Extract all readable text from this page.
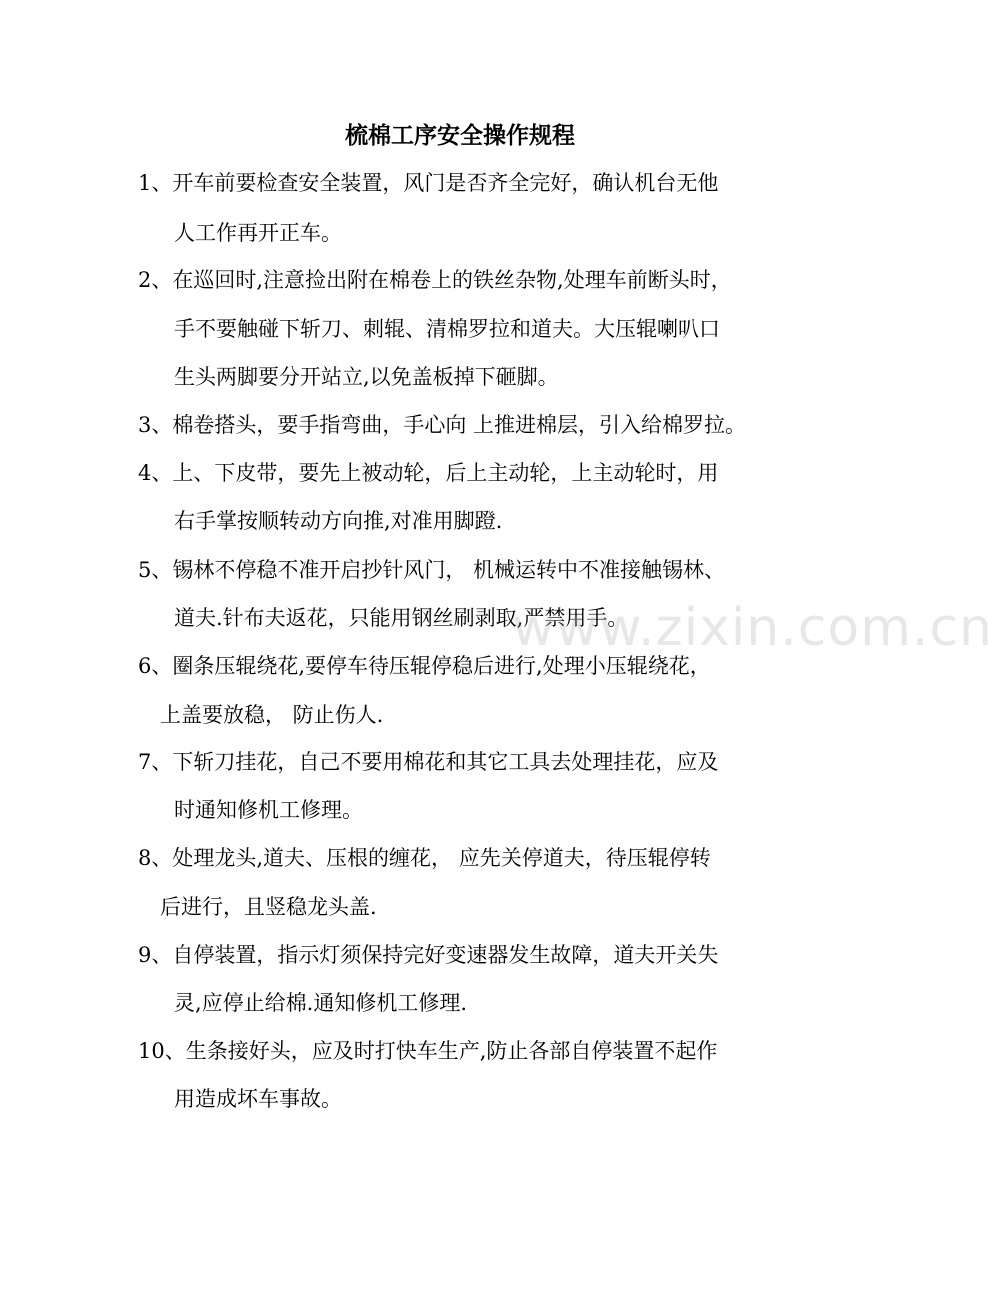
梳棉工序安全操作规程
1、开车前要检查安全装置，风门是否齐全完好，确认机台无他
人工作再开正车。
2、在巡回时,注意捡出附在棉卷上的铁丝杂物,处理车前断头时，
手不要触碰下斩刀、刺辊、清棉罗拉和道夫。大压辊喇叭口
生头两脚要分开站立,以免盖板掉下砸脚。
3、棉卷搭头，要手指弯曲，手心向 上推进棉层，引入给棉罗拉。
4、上、下皮带，要先上被动轮，后上主动轮，上主动轮时，用
右手掌按顺转动方向推,对准用脚蹬.
5、锡林不停稳不准开启抄针风门， 机械运转中不准接触锡林、
道夫.针布夫返花，只能用钢丝刷剥取,严禁用手。
6、圈条压辊绕花,要停车待压辊停稳后进行,处理小压辊绕花，
上盖要放稳， 防止伤人.
7、下斩刀挂花，自己不要用棉花和其它工具去处理挂花，应及
时通知修机工修理。
8、处理龙头,道夫、压根的缠花， 应先关停道夫，待压辊停转
后进行，且竖稳龙头盖.
9、自停装置，指示灯须保持完好变速器发生故障，道夫开关失
灵,应停止给棉.通知修机工修理.
10、生条接好头，应及时打快车生产,防止各部自停装置不起作
用造成坏车事故。
www.zixin.com.cn
